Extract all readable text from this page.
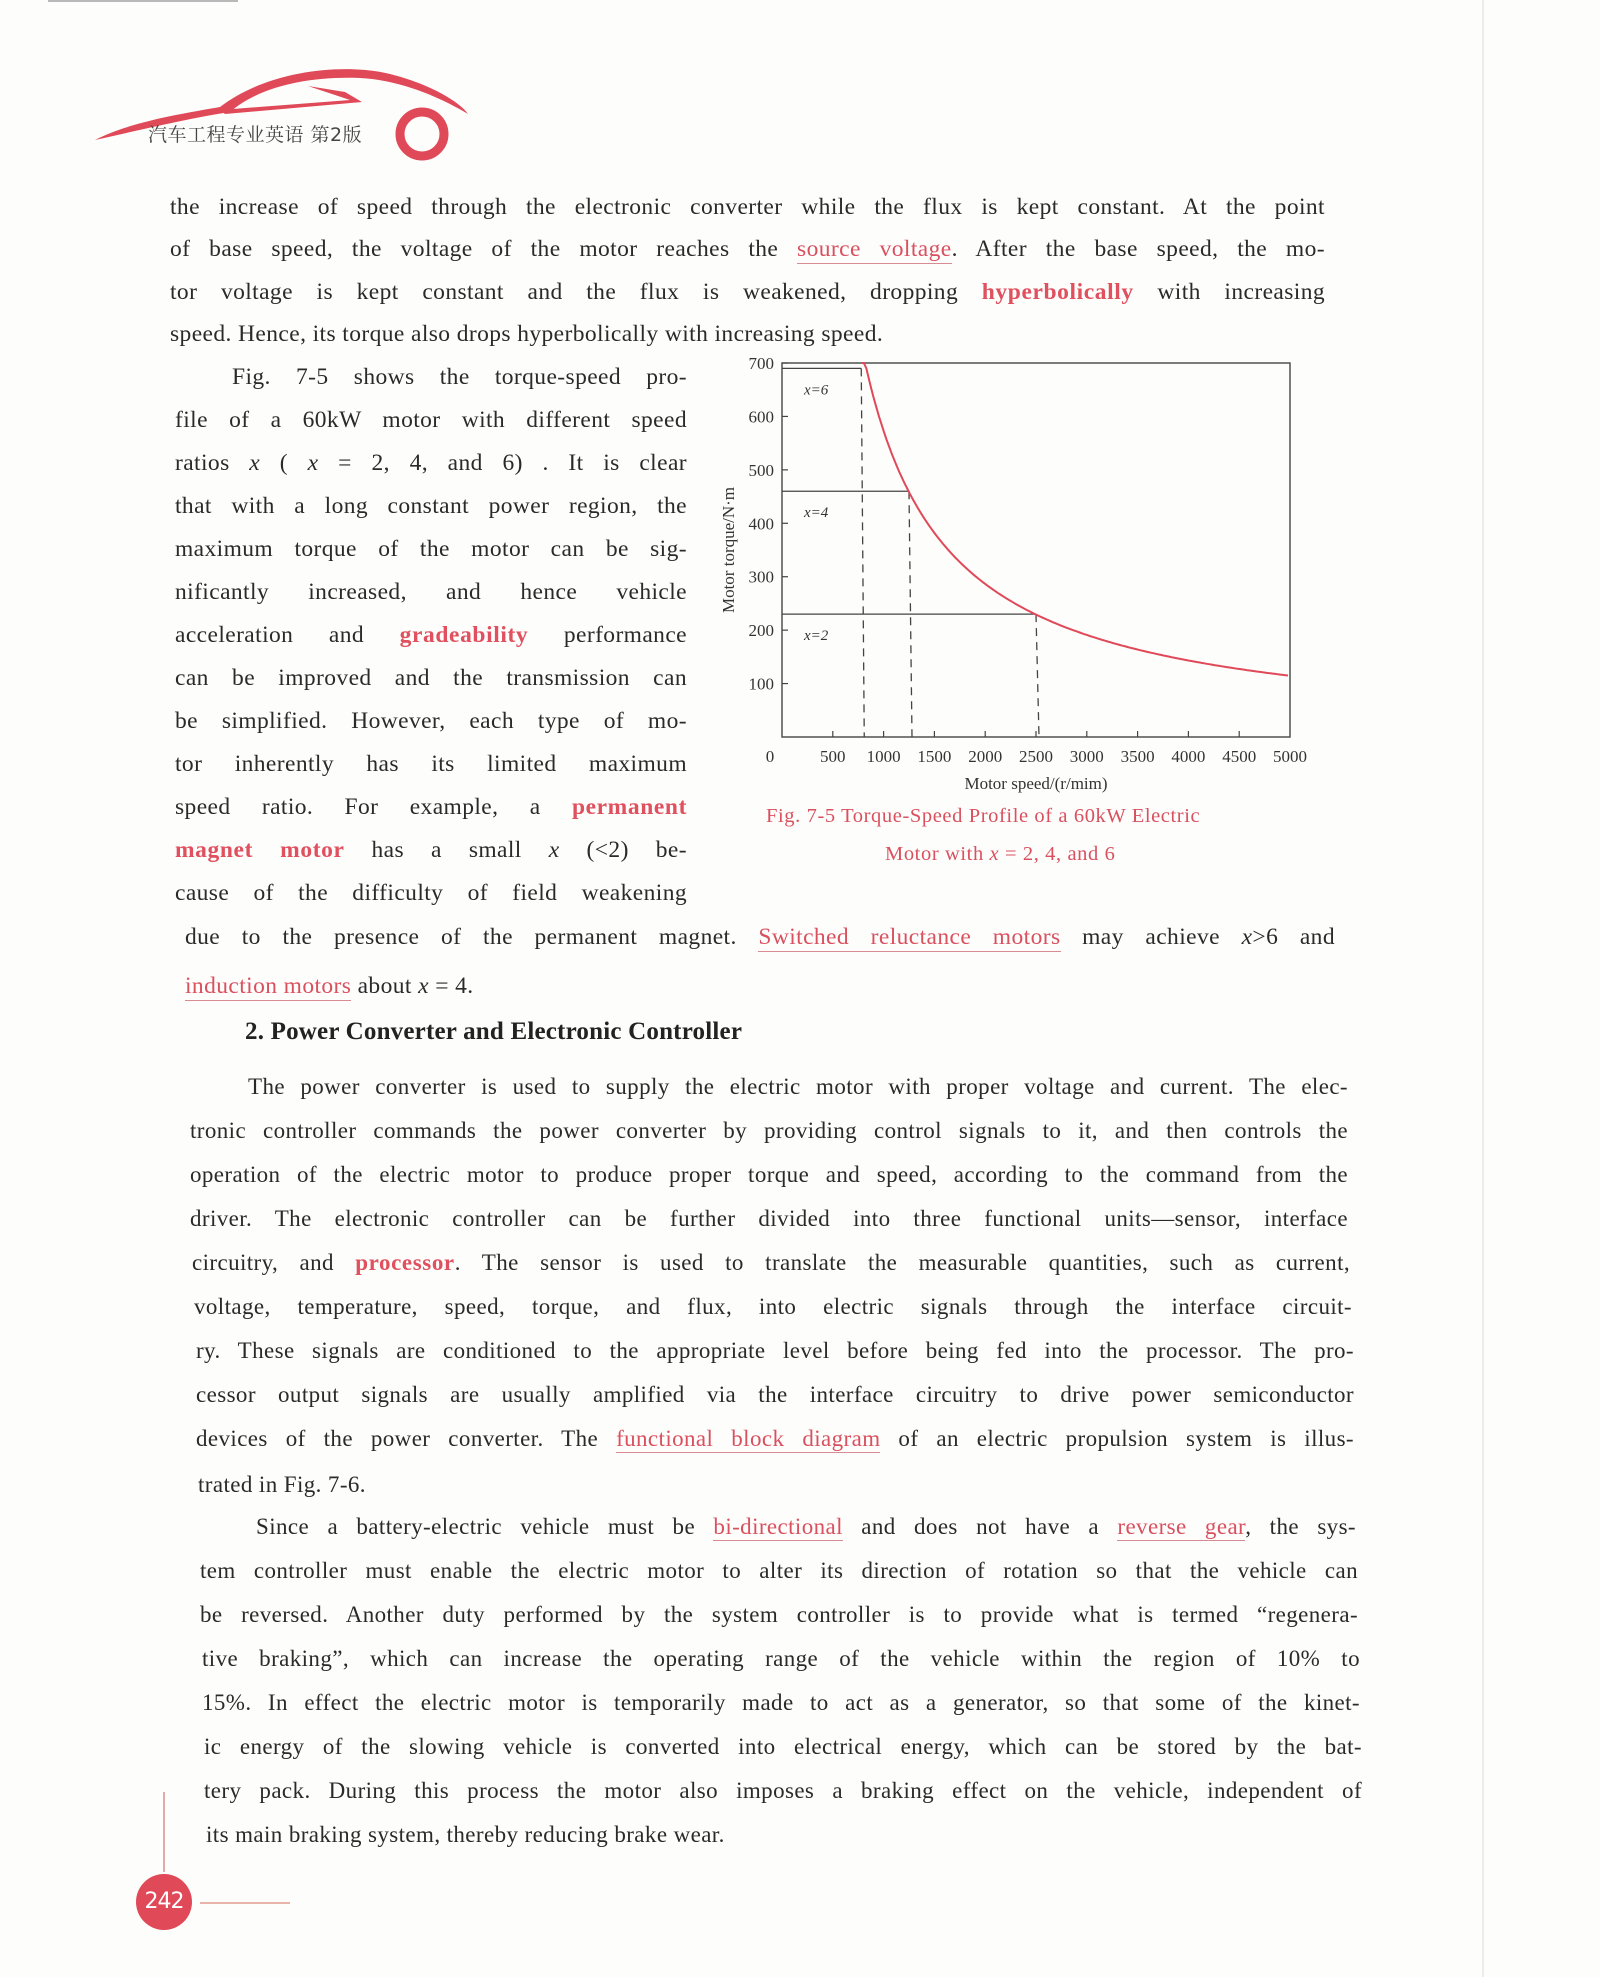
汽车工程专业英语 第2版
the increase of speed through the electronic converter while the flux is kept constant. At the point
of base speed, the voltage of the motor reaches the source voltage. After the base speed, the mo-
tor voltage is kept constant and the flux is weakened, dropping hyperbolically with increasing
speed. Hence, its torque also drops hyperbolically with increasing speed.
Fig. 7-5 shows the torque-speed pro-
file of a 60kW motor with different speed
ratios x ( x = 2, 4, and 6) . It is clear
that with a long constant power region, the
maximum torque of the motor can be sig-
nificantly increased, and hence vehicle
acceleration and gradeability performance
can be improved and the transmission can
be simplified. However, each type of mo-
tor inherently has its limited maximum
speed ratio. For example, a permanent
magnet motor has a small x (<2) be-
cause of the difficulty of field weakening
due to the presence of the permanent magnet. Switched reluctance motors may achieve x>6 and
induction motors about x = 4.
100
200
300
400
500
600
700
0	500 1000 1500 2000 2500 3000 3500 4000 4500 5000
Motor speed/(r/mim)
Motor torque/N·m
x=6
x=4
x=2
Fig. 7-5 Torque-Speed Profile of a 60kW Electric
Motor with x = 2, 4, and 6
2. Power Converter and Electronic Controller
The power converter is used to supply the electric motor with proper voltage and current. The elec-
tronic controller commands the power converter by providing control signals to it, and then controls the
operation of the electric motor to produce proper torque and speed, according to the command from the
driver. The electronic controller can be further divided into three functional units—sensor, interface
circuitry, and processor. The sensor is used to translate the measurable quantities, such as current,
voltage, temperature, speed, torque, and flux, into electric signals through the interface circuit-
ry. These signals are conditioned to the appropriate level before being fed into the processor. The pro-
cessor output signals are usually amplified via the interface circuitry to drive power semiconductor
devices of the power converter. The functional block diagram of an electric propulsion system is illus-
trated in Fig. 7-6.
Since a battery-electric vehicle must be bi-directional and does not have a reverse gear, the sys-
tem controller must enable the electric motor to alter its direction of rotation so that the vehicle can
be reversed. Another duty performed by the system controller is to provide what is termed “regenera-
tive braking”, which can increase the operating range of the vehicle within the region of 10% to
15%. In effect the electric motor is temporarily made to act as a generator, so that some of the kinet-
ic energy of the slowing vehicle is converted into electrical energy, which can be stored by the bat-
tery pack. During this process the motor also imposes a braking effect on the vehicle, independent of
its main braking system, thereby reducing brake wear.
242
